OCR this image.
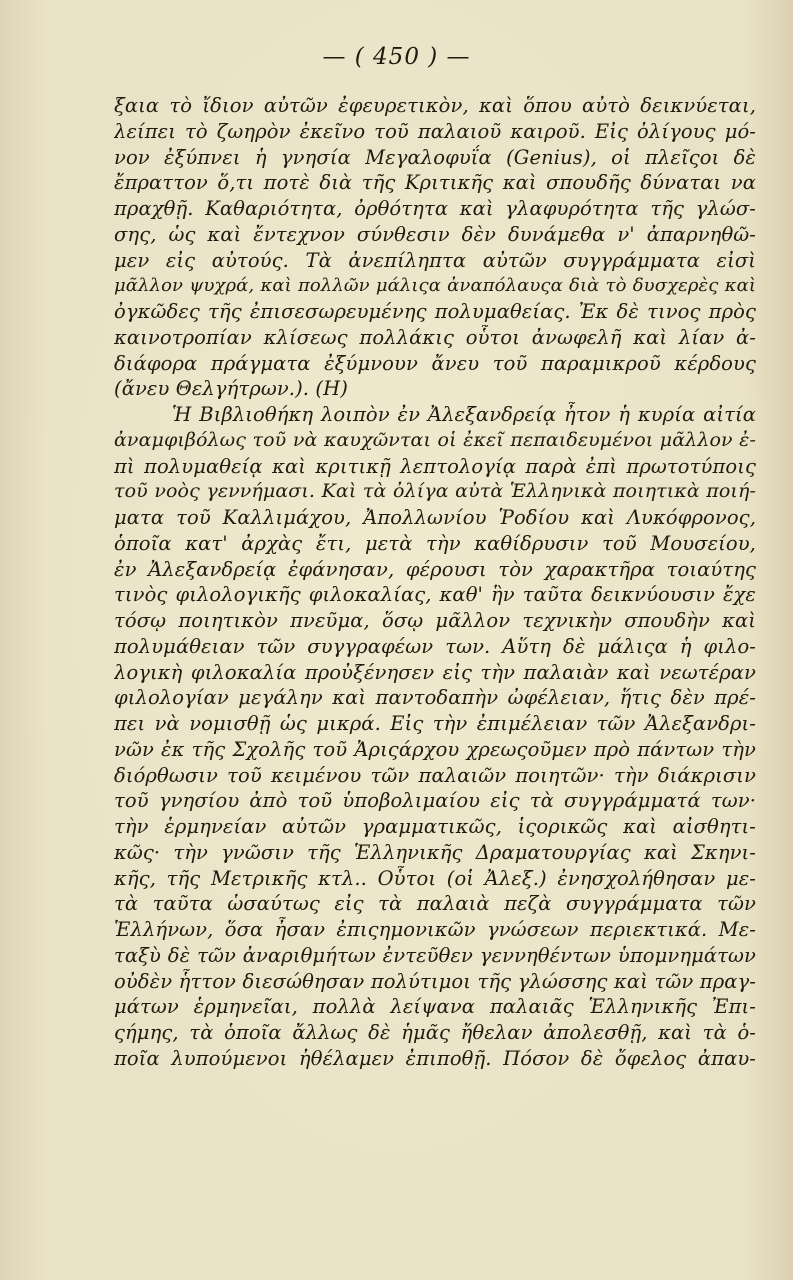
— ( 450 ) —
ξαια τὸ ἴδιον αὐτῶν ἐφευρετικὸν, καὶ ὅπου αὐτὸ δεικνύεται,
λείπει τὸ ζωηρὸν ἐκεῖνο τοῦ παλαιοῦ καιροῦ. Εἰς ὀλίγους μό-
νον ἐξύπνει ἡ γνησία Μεγαλοφυΐα (Genius), οἱ πλεῖςοι δὲ
ἔπραττον ὅ,τι ποτὲ διὰ τῆς Κριτικῆς καὶ σπουδῆς δύναται να
πραχθῇ. Καθαριότητα, ὀρθότητα καὶ γλαφυρότητα τῆς γλώσ-
σης, ὡς καὶ ἔντεχνον σύνθεσιν δὲν δυνάμεθα ν' ἀπαρνηθῶ-
μεν εἰς αὐτούς. Τὰ ἀνεπίληπτα αὐτῶν συγγράμματα εἰσὶ
μᾶλλον ψυχρά, καὶ πολλῶν μάλιςα ἀναπόλαυςα διὰ τὸ δυσχερὲς καὶ
ὀγκῶδες τῆς ἐπισεσωρευμένης πολυμαθείας. Ἐκ δὲ τινος πρὸς
καινοτροπίαν κλίσεως πολλάκις οὗτοι ἀνωφελῆ καὶ λίαν ἀ-
διάφορα πράγματα ἐξύμνουν ἄνευ τοῦ παραμικροῦ κέρδους
(ἄνευ Θελγήτρων.). (Η)
Ἡ Βιβλιοθήκη λοιπὸν ἐν Ἀλεξανδρείᾳ ἦτον ἡ κυρία αἰτία
ἀναμφιβόλως τοῦ νὰ καυχῶνται οἱ ἐκεῖ πεπαιδευμένοι μᾶλλον ἐ-
πὶ πολυμαθείᾳ καὶ κριτικῇ λεπτολογίᾳ παρὰ ἐπὶ πρωτοτύποις
τοῦ νοὸς γεννήμασι. Καὶ τὰ ὀλίγα αὐτὰ Ἑλληνικὰ ποιητικὰ ποιή-
ματα τοῦ Καλλιμάχου, Ἀπολλωνίου Ῥοδίου καὶ Λυκόφρονος,
ὁποῖα κατ' ἀρχὰς ἔτι, μετὰ τὴν καθίδρυσιν τοῦ Μουσείου,
ἐν Ἀλεξανδρείᾳ ἐφάνησαν, φέρουσι τὸν χαρακτῆρα τοιαύτης
τινὸς φιλολογικῆς φιλοκαλίας, καθ' ἣν ταῦτα δεικνύουσιν ἔχε
τόσῳ ποιητικὸν πνεῦμα, ὅσῳ μᾶλλον τεχνικὴν σπουδὴν καὶ
πολυμάθειαν τῶν συγγραφέων των. Αὕτη δὲ μάλιςα ἡ φιλο-
λογικὴ φιλοκαλία προὐξένησεν εἰς τὴν παλαιὰν καὶ νεωτέραν
φιλολογίαν μεγάλην καὶ παντοδαπὴν ὠφέλειαν, ἥτις δὲν πρέ-
πει νὰ νομισθῇ ὡς μικρά. Εἰς τὴν ἐπιμέλειαν τῶν Ἀλεξανδρι-
νῶν ἐκ τῆς Σχολῆς τοῦ Ἀριςάρχου χρεωςοῦμεν πρὸ πάντων τὴν
διόρθωσιν τοῦ κειμένου τῶν παλαιῶν ποιητῶν· τὴν διάκρισιν
τοῦ γνησίου ἀπὸ τοῦ ὑποβολιμαίου εἰς τὰ συγγράμματά των·
τὴν ἑρμηνείαν αὐτῶν γραμματικῶς, ἱςορικῶς καὶ αἰσθητι-
κῶς· τὴν γνῶσιν τῆς Ἑλληνικῆς Δραματουργίας καὶ Σκηνι-
κῆς, τῆς Μετρικῆς κτλ.. Οὗτοι (οἱ Ἀλεξ.) ἐνησχολήθησαν με-
τὰ ταῦτα ὡσαύτως εἰς τὰ παλαιὰ πεζὰ συγγράμματα τῶν
Ἑλλήνων, ὅσα ἦσαν ἐπιςημονικῶν γνώσεων περιεκτικά. Με-
ταξὺ δὲ τῶν ἀναριθμήτων ἐντεῦθεν γεννηθέντων ὑπομνημάτων
οὐδὲν ἧττον διεσώθησαν πολύτιμοι τῆς γλώσσης καὶ τῶν πραγ-
μάτων ἑρμηνεῖαι, πολλὰ λείψανα παλαιᾶς Ἑλληνικῆς Ἐπι-
ςήμης, τὰ ὁποῖα ἄλλως δὲ ἡμᾶς ἤθελαν ἀπολεσθῇ, καὶ τὰ ὁ-
ποῖα λυπούμενοι ἠθέλαμεν ἐπιποθῇ. Πόσον δὲ ὄφελος ἀπαυ-
